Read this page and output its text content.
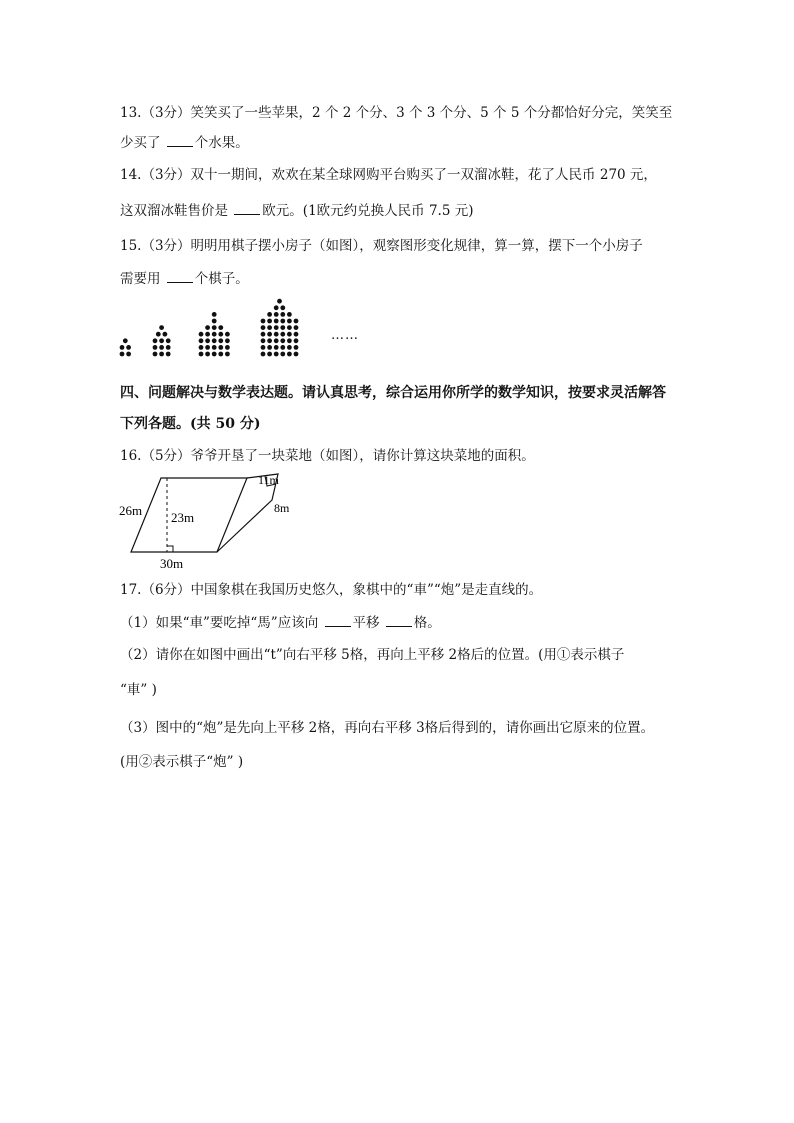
13.（3分）笑笑买了一些苹果，2 个 2 个分、3 个 3 个分、5 个 5 个分都恰好分完，笑笑至
少买了 个水果。
14.（3分）双十一期间，欢欢在某全球网购平台购买了一双溜冰鞋，花了人民币 270 元，
这双溜冰鞋售价是 欧元。(1欧元约兑换人民币 7.5 元)
15.（3分）明明用棋子摆小房子（如图），观察图形变化规律，算一算，摆下一个小房子
需要用 个棋子。
……
四、问题解决与数学表达题。请认真思考，综合运用你所学的数学知识，按要求灵活解答
下列各题。(共 50 分)
16.（5分）爷爷开垦了一块菜地（如图），请你计算这块菜地的面积。
26m 23m
30m
11m
8m
17.（6分）中国象棋在我国历史悠久，象棋中的“車”“炮”是走直线的。
（1）如果“車”要吃掉“馬”应该向 平移 格。
（2）请你在如图中画出“t”向右平移 5格，再向上平移 2格后的位置。(用①表示棋子
“車” )
（3）图中的“炮”是先向上平移 2格，再向右平移 3格后得到的，请你画出它原来的位置。
(用②表示棋子“炮” )
